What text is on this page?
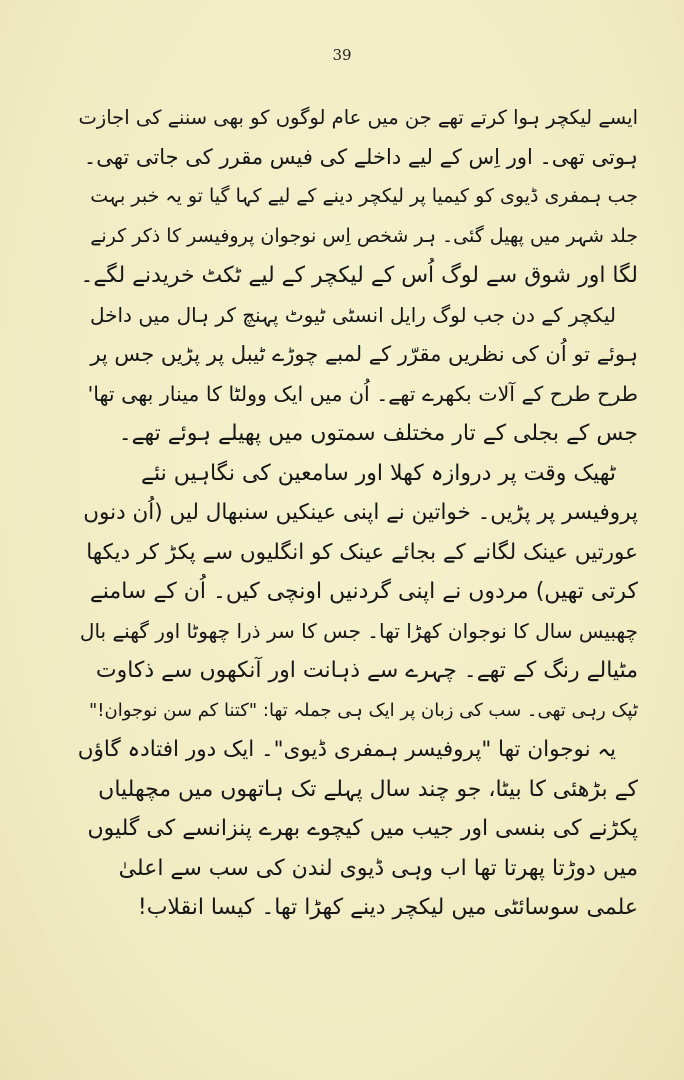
39
ایسے لیکچر ہوا کرتے تھے جن میں عام لوگوں کو بھی سننے کی اجازت
ہوتی تھی۔ اور اِس کے لیے داخلے کی فیس مقرر کی جاتی تھی۔
جب ہمفری ڈیوی کو کیمیا پر لیکچر دینے کے لیے کہا گیا تو یہ خبر بہت
جلد شہر میں پھیل گئی۔ ہر شخص اِس نوجوان پروفیسر کا ذکر کرنے
لگا اور شوق سے لوگ اُس کے لیکچر کے لیے ٹکٹ خریدنے لگے۔
لیکچر کے دن جب لوگ رایل انسٹی ٹیوٹ پہنچ کر ہال میں داخل
ہوئے تو اُن کی نظریں مقرّر کے لمبے چوڑے ٹیبل پر پڑیں جس پر
طرح طرح کے آلات بکھرے تھے۔ اُن میں ایک وولٹا کا مینار بھی تھا'
جس کے بجلی کے تار مختلف سمتوں میں پھیلے ہوئے تھے۔
ٹھیک وقت پر دروازہ کھلا اور سامعین کی نگاہیں نئے
پروفیسر پر پڑیں۔ خواتین نے اپنی عینکیں سنبھال لیں (اُن دنوں
عورتیں عینک لگانے کے بجائے عینک کو انگلیوں سے پکڑ کر دیکھا
کرتی تھیں) مردوں نے اپنی گردنیں اونچی کیں۔ اُن کے سامنے
چھبیس سال کا نوجوان کھڑا تھا۔ جس کا سر ذرا چھوٹا اور گھنے بال
مٹیالے رنگ کے تھے۔ چہرے سے ذہانت اور آنکھوں سے ذکاوت
ٹپک رہی تھی۔ سب کی زبان پر ایک ہی جملہ تھا: "کتنا کم سن نوجوان!"
یہ نوجوان تھا "پروفیسر ہمفری ڈیوی"۔ ایک دور افتادہ گاؤں
کے بڑھئی کا بیٹا، جو چند سال پہلے تک ہاتھوں میں مچھلیاں
پکڑنے کی بنسی اور جیب میں کیچوے بھرے پنزانسے کی گلیوں
میں دوڑتا پھرتا تھا اب وہی ڈیوی لندن کی سب سے اعلیٰ
علمی سوسائٹی میں لیکچر دینے کھڑا تھا۔ کیسا انقلاب!
